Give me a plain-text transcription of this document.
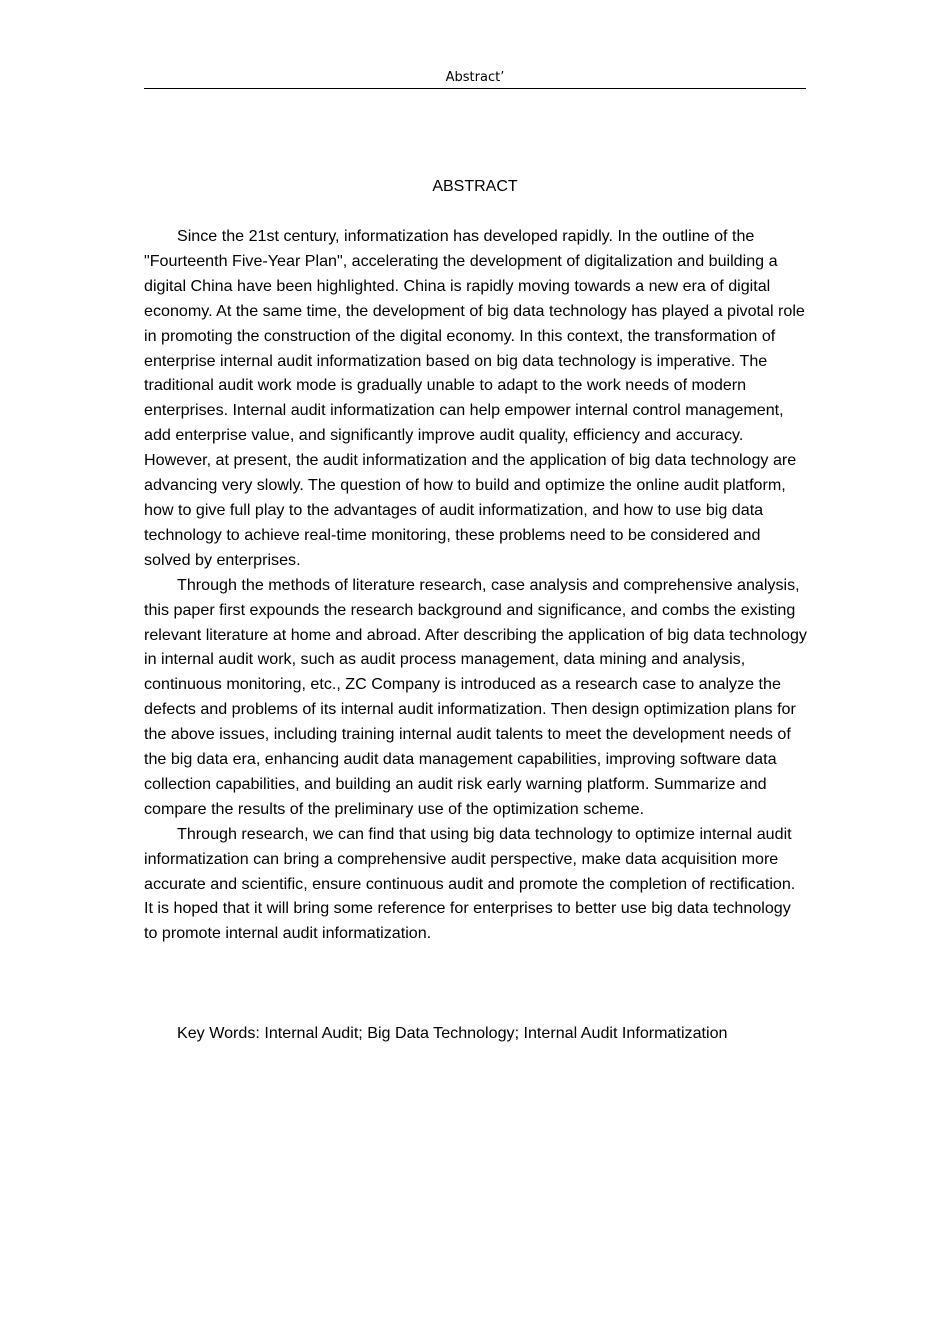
Abstract’
ABSTRACT

Since the 21st century, informatization has developed rapidly. In the outline of the "Fourteenth Five-Year Plan", accelerating the development of digitalization and building a digital China have been highlighted. China is rapidly moving towards a new era of digital economy. At the same time, the development of big data technology has played a pivotal role in promoting the construction of the digital economy. In this context, the transformation of enterprise internal audit informatization based on big data technology is imperative. The traditional audit work mode is gradually unable to adapt to the work needs of modern enterprises. Internal audit informatization can help empower internal control management, add enterprise value, and significantly improve audit quality, efficiency and accuracy. However, at present, the audit informatization and the application of big data technology are advancing very slowly. The question of how to build and optimize the online audit platform, how to give full play to the advantages of audit informatization, and how to use big data technology to achieve real-time monitoring, these problems need to be considered and solved by enterprises.

Through the methods of literature research, case analysis and comprehensive analysis, this paper first expounds the research background and significance, and combs the existing relevant literature at home and abroad. After describing the application of big data technology in internal audit work, such as audit process management, data mining and analysis, continuous monitoring, etc., ZC Company is introduced as a research case to analyze the defects and problems of its internal audit informatization. Then design optimization plans for the above issues, including training internal audit talents to meet the development needs of the big data era, enhancing audit data management capabilities, improving software data collection capabilities, and building an audit risk early warning platform. Summarize and compare the results of the preliminary use of the optimization scheme.

Through research, we can find that using big data technology to optimize internal audit informatization can bring a comprehensive audit perspective, make data acquisition more accurate and scientific, ensure continuous audit and promote the completion of rectification. It is hoped that it will bring some reference for enterprises to better use big data technology to promote internal audit informatization.

Key Words: Internal Audit; Big Data Technology; Internal Audit Informatization
